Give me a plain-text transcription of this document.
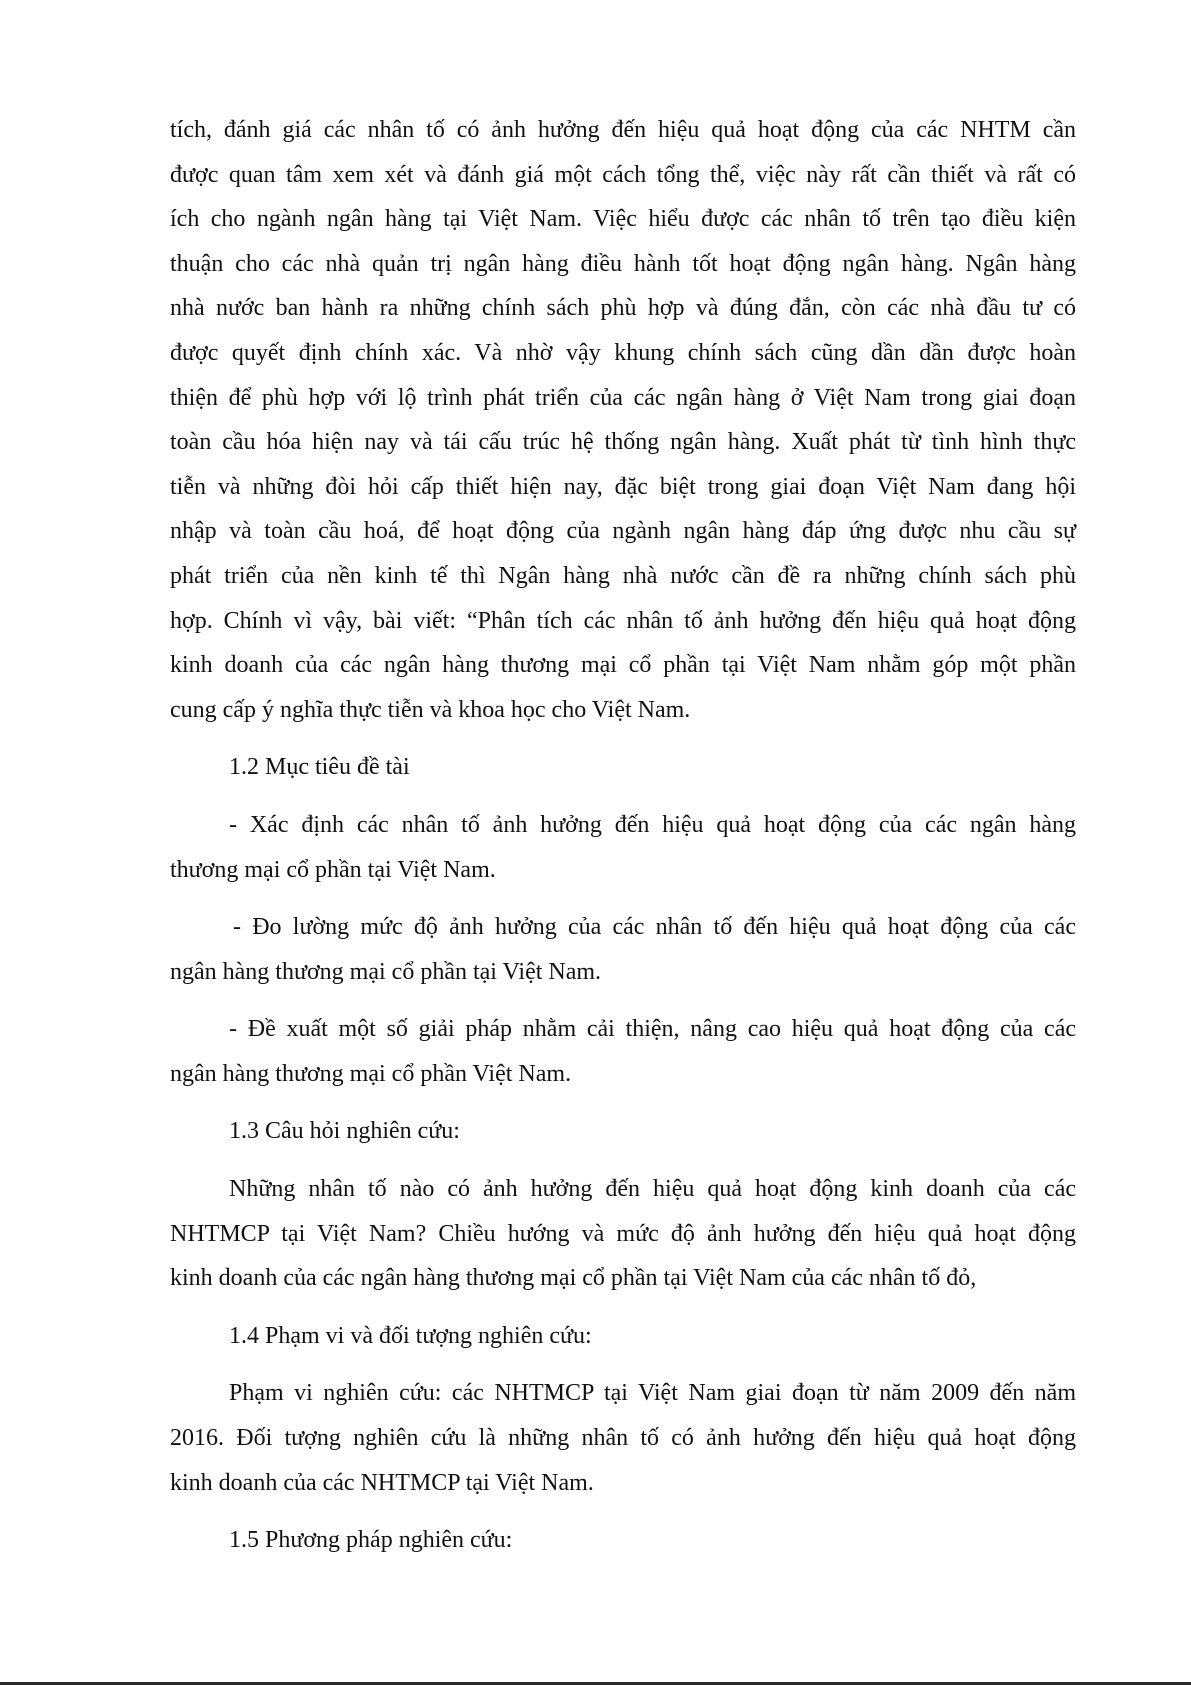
tích, đánh giá các nhân tố có ảnh hưởng đến hiệu quả hoạt động của các NHTM cần
được quan tâm xem xét và đánh giá một cách tổng thể, việc này rất cần thiết và rất có
ích cho ngành ngân hàng tại Việt Nam. Việc hiểu được các nhân tố trên tạo điều kiện
thuận cho các nhà quản trị ngân hàng điều hành tốt hoạt động ngân hàng. Ngân hàng
nhà nước ban hành ra những chính sách phù hợp và đúng đắn, còn các nhà đầu tư có
được quyết định chính xác. Và nhờ vậy khung chính sách cũng dần dần được hoàn
thiện để phù hợp với lộ trình phát triển của các ngân hàng ở Việt Nam trong giai đoạn
toàn cầu hóa hiện nay và tái cấu trúc hệ thống ngân hàng. Xuất phát từ tình hình thực
tiễn và những đòi hỏi cấp thiết hiện nay, đặc biệt trong giai đoạn Việt Nam đang hội
nhập và toàn cầu hoá, để hoạt động của ngành ngân hàng đáp ứng được nhu cầu sự
phát triển của nền kinh tế thì Ngân hàng nhà nước cần đề ra những chính sách phù
hợp. Chính vì vậy, bài viết: “Phân tích các nhân tố ảnh hưởng đến hiệu quả hoạt động
kinh doanh của các ngân hàng thương mại cổ phần tại Việt Nam nhằm góp một phần
cung cấp ý nghĩa thực tiễn và khoa học cho Việt Nam.
1.2 Mục tiêu đề tài
- Xác định các nhân tố ảnh hưởng đến hiệu quả hoạt động của các ngân hàng
thương mại cổ phần tại Việt Nam.
- Đo lường mức độ ảnh hưởng của các nhân tố đến hiệu quả hoạt động của các
ngân hàng thương mại cổ phần tại Việt Nam.
- Đề xuất một số giải pháp nhằm cải thiện, nâng cao hiệu quả hoạt động của các
ngân hàng thương mại cổ phần Việt Nam.
1.3 Câu hỏi nghiên cứu:
Những nhân tố nào có ảnh hưởng đến hiệu quả hoạt động kinh doanh của các
NHTMCP tại Việt Nam? Chiều hướng và mức độ ảnh hưởng đến hiệu quả hoạt động
kinh doanh của các ngân hàng thương mại cổ phần tại Việt Nam của các nhân tố đỏ,
1.4 Phạm vi và đối tượng nghiên cứu:
Phạm vi nghiên cứu: các NHTMCP tại Việt Nam giai đoạn từ năm 2009 đến năm
2016. Đối tượng nghiên cứu là những nhân tố có ảnh hưởng đến hiệu quả hoạt động
kinh doanh của các NHTMCP tại Việt Nam.
1.5 Phương pháp nghiên cứu:
